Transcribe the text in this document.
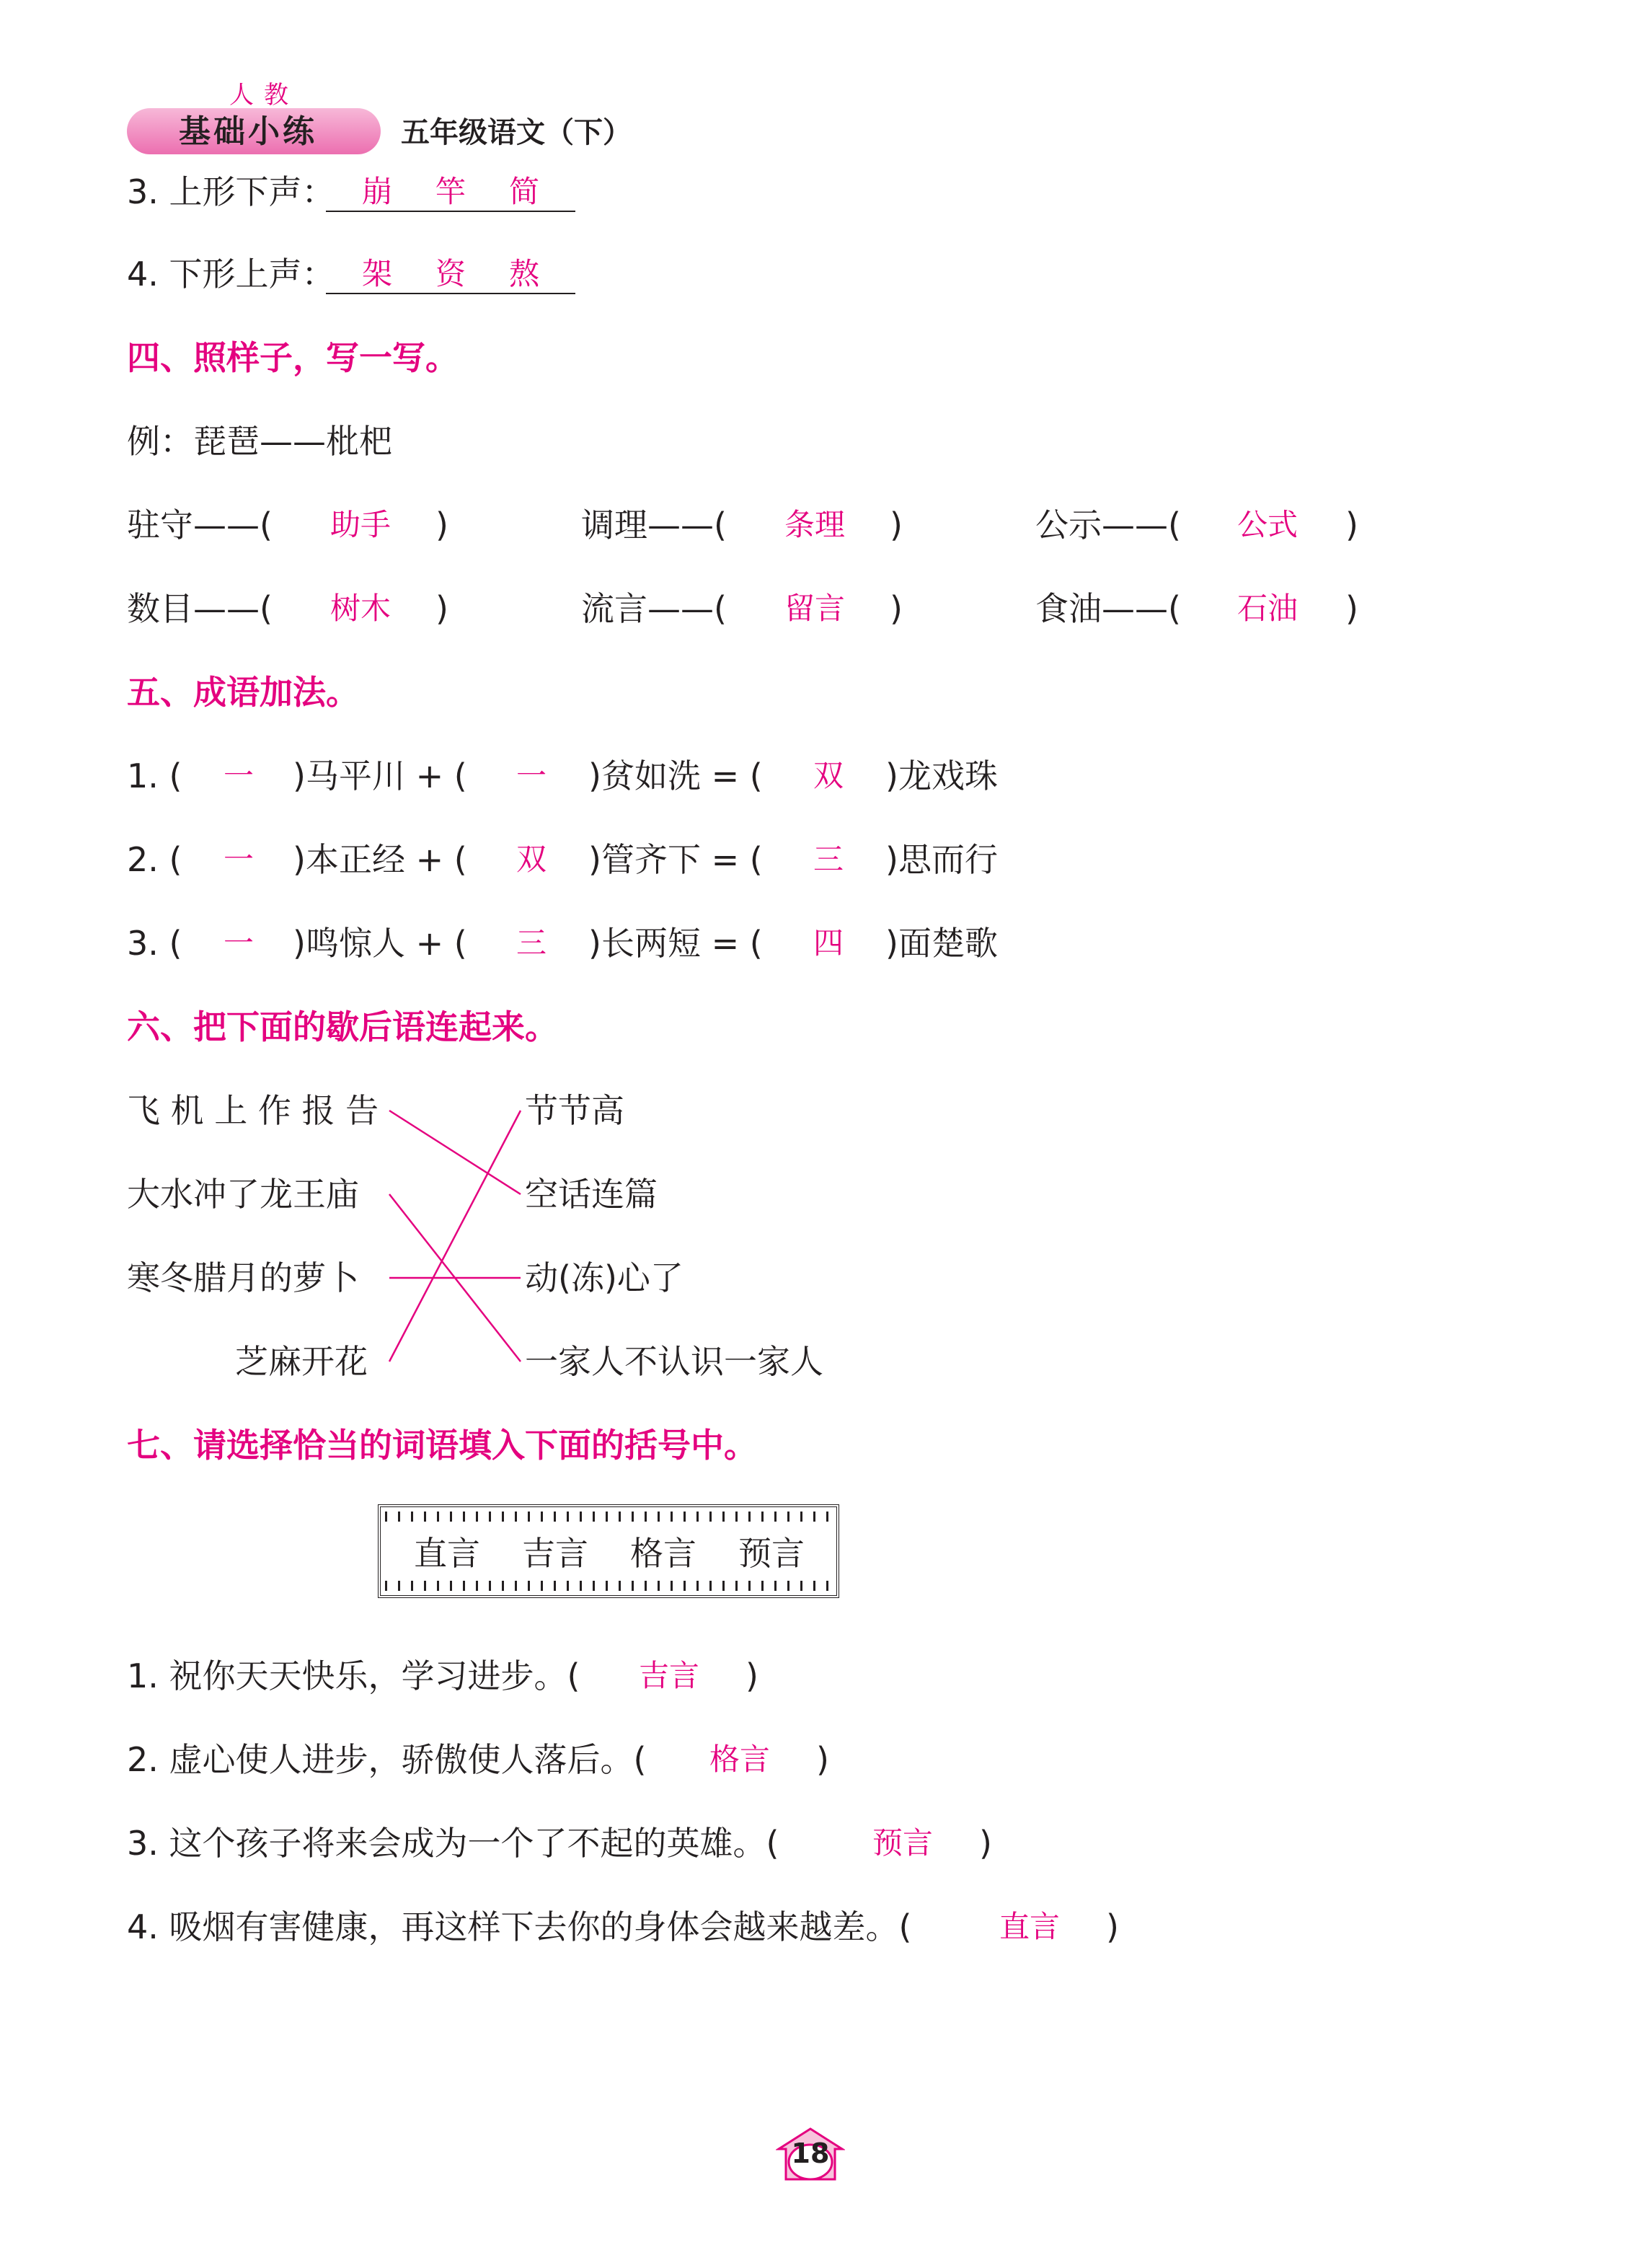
人教
基础小练	五年级语文（下）
3. 上形下声： 崩 竿 简
4. 下形上声： 架 资 熬
四、照样子，写一写。
例：琵琶——枇杷
驻守——( 助手 )	调理——( 条理 )	公示——( 公式 )
数目——( 树木 )	流言——( 留言 )	食油——( 石油 )
五、成语加法。
1. ( 一 )马平川 + ( 一 )贫如洗 = ( 双 )龙戏珠
2. ( 一 )本正经 + ( 双 )管齐下 = ( 三 )思而行
3. ( 一 )鸣惊人 + ( 三 )长两短 = ( 四 )面楚歌
六、把下面的歇后语连起来。
飞 机 上 作 报 告
大水冲了龙王庙
寒冬腊月的萝卜
芝麻开花
节节高
空话连篇
动(冻)心了
一家人不认识一家人
七、请选择恰当的词语填入下面的括号中。
直言 吉言 格言 预言
1. 祝你天天快乐，学习进步。( 吉言 )
2. 虚心使人进步，骄傲使人落后。( 格言 )
3. 这个孩子将来会成为一个了不起的英雄。(	预言 )
4. 吸烟有害健康，再这样下去你的身体会越来越差。(	直言 )
18
